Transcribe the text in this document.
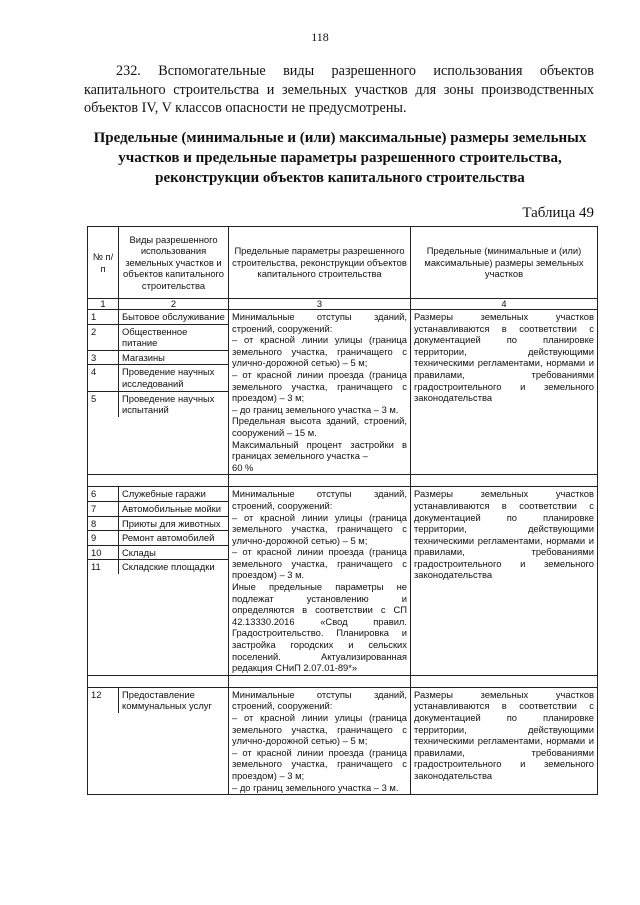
118
232. Вспомогательные виды разрешенного использования объектов капитального строительства и земельных участков для зоны производственных объектов IV, V классов опасности не предусмотрены.
Предельные (минимальные и (или) максимальные) размеры земельных участков и предельные параметры разрешенного строительства, реконструкции объектов капитального строительства
Таблица 49
№ п/п	Виды разрешенного использования земельных участков и объектов капитального строительства	Предельные параметры разрешенного строительства, реконструкции объектов капитального строительства	Предельные (минимальные и (или) максимальные) размеры земельных участков
1	2	3	4

1	Бытовое обслуживание
2	Общественное питание
3	Магазины
4	Проведение научных исследований
5	Проведение научных испытаний
	Минимальные отступы зданий, строений, сооружений:
– от красной линии улицы (граница земельного участка, граничащего с улично-дорожной сетью) – 5 м;
– от красной линии проезда (граница земельного участка, граничащего с проездом) – 3 м;
– до границ земельного участка – 3 м.
Предельная высота зданий, строений, сооружений – 15 м.
Максимальный процент застройки в границах земельного участка –
60 %	Размеры земельных участков устанавливаются в соответствии с документацией по планировке территории, действующими техническими регламентами, нормами и правилами, требованиями градостроительного и земельного законодательства

6	Служебные гаражи
7	Автомобильные мойки
8	Приюты для животных
9	Ремонт автомобилей
10	Склады
11	Складские площадки
	Минимальные отступы зданий, строений, сооружений:
– от красной линии улицы (граница земельного участка, граничащего с улично-дорожной сетью) – 5 м;
– от красной линии проезда (граница земельного участка, граничащего с проездом) – 3 м.
Иные предельные параметры не подлежат установлению и определяются в соответствии с СП 42.13330.2016 «Свод правил. Градостроительство. Планировка и застройка городских и сельских поселений. Актуализированная редакция СНиП 2.07.01-89*»	Размеры земельных участков устанавливаются в соответствии с документацией по планировке территории, действующими техническими регламентами, нормами и правилами, требованиями градостроительного и земельного законодательства

12	Предоставление коммунальных услуг
	Минимальные отступы зданий, строений, сооружений:
– от красной линии улицы (граница земельного участка, граничащего с улично-дорожной сетью) – 5 м;
– от красной линии проезда (граница земельного участка, граничащего с проездом) – 3 м;
– до границ земельного участка – 3 м.	Размеры земельных участков устанавливаются в соответствии с документацией по планировке территории, действующими техническими регламентами, нормами и правилами, требованиями градостроительного и земельного законодательства
